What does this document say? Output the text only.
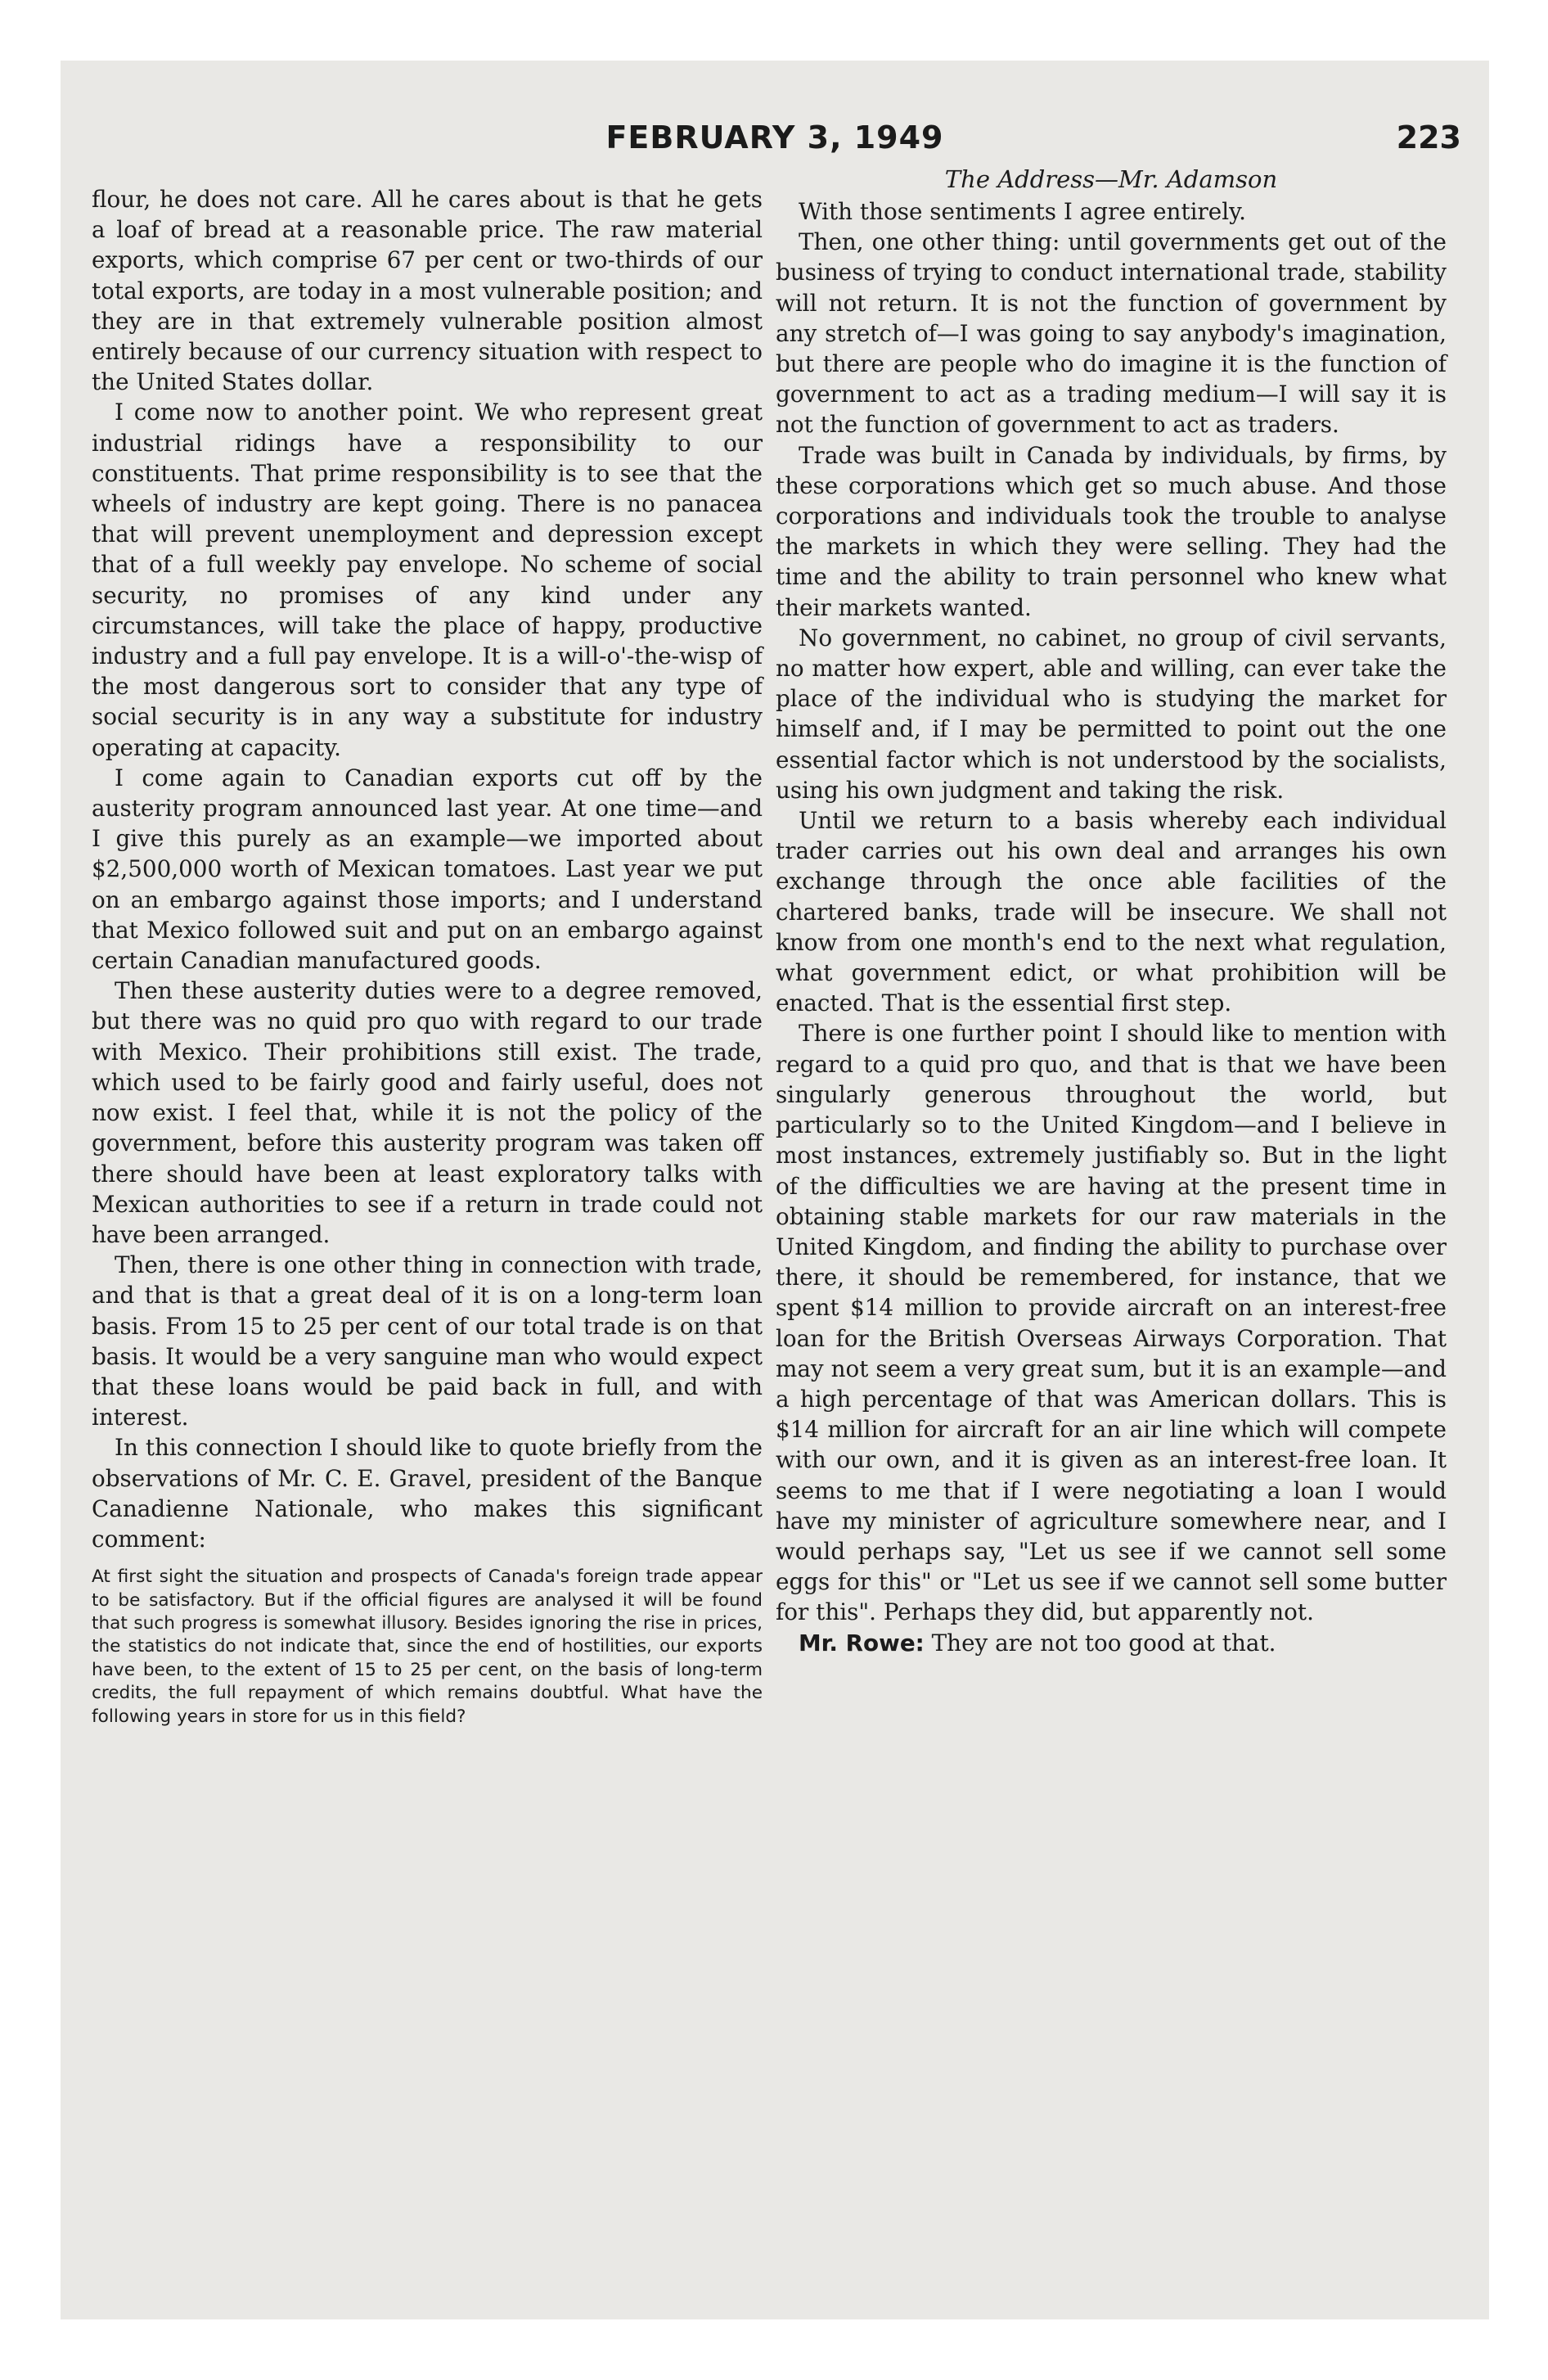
FEBRUARY 3, 1949	223

flour, he does not care. All he cares about is that he gets a loaf of bread at a reasonable price. The raw material exports, which comprise 67 per cent or two-thirds of our total exports, are today in a most vulnerable position; and they are in that extremely vulnerable position almost entirely because of our currency situation with respect to the United States dollar.

I come now to another point. We who represent great industrial ridings have a responsibility to our constituents. That prime responsibility is to see that the wheels of industry are kept going. There is no panacea that will prevent unemployment and depression except that of a full weekly pay envelope. No scheme of social security, no promises of any kind under any circumstances, will take the place of happy, productive industry and a full pay envelope. It is a will-o'-the-wisp of the most dangerous sort to consider that any type of social security is in any way a substitute for industry operating at capacity.

I come again to Canadian exports cut off by the austerity program announced last year. At one time—and I give this purely as an example—we imported about $2,500,000 worth of Mexican tomatoes. Last year we put on an embargo against those imports; and I understand that Mexico followed suit and put on an embargo against certain Canadian manufactured goods.

Then these austerity duties were to a degree removed, but there was no quid pro quo with regard to our trade with Mexico. Their prohibitions still exist. The trade, which used to be fairly good and fairly useful, does not now exist. I feel that, while it is not the policy of the government, before this austerity program was taken off there should have been at least exploratory talks with Mexican authorities to see if a return in trade could not have been arranged.

Then, there is one other thing in connection with trade, and that is that a great deal of it is on a long-term loan basis. From 15 to 25 per cent of our total trade is on that basis. It would be a very sanguine man who would expect that these loans would be paid back in full, and with interest.

In this connection I should like to quote briefly from the observations of Mr. C. E. Gravel, president of the Banque Canadienne Nationale, who makes this significant comment:

At first sight the situation and prospects of Canada's foreign trade appear to be satisfactory. But if the official figures are analysed it will be found that such progress is somewhat illusory. Besides ignoring the rise in prices, the statistics do not indicate that, since the end of hostilities, our exports have been, to the extent of 15 to 25 per cent, on the basis of long-term credits, the full repayment of which remains doubtful. What have the following years in store for us in this field?
The Address—Mr. Adamson

With those sentiments I agree entirely.

Then, one other thing: until governments get out of the business of trying to conduct international trade, stability will not return. It is not the function of government by any stretch of—I was going to say anybody's imagination, but there are people who do imagine it is the function of government to act as a trading medium—I will say it is not the function of government to act as traders.

Trade was built in Canada by individuals, by firms, by these corporations which get so much abuse. And those corporations and individuals took the trouble to analyse the markets in which they were selling. They had the time and the ability to train personnel who knew what their markets wanted.

No government, no cabinet, no group of civil servants, no matter how expert, able and willing, can ever take the place of the individual who is studying the market for himself and, if I may be permitted to point out the one essential factor which is not understood by the socialists, using his own judgment and taking the risk.

Until we return to a basis whereby each individual trader carries out his own deal and arranges his own exchange through the once able facilities of the chartered banks, trade will be insecure. We shall not know from one month's end to the next what regulation, what government edict, or what prohibition will be enacted. That is the essential first step.

There is one further point I should like to mention with regard to a quid pro quo, and that is that we have been singularly generous throughout the world, but particularly so to the United Kingdom—and I believe in most instances, extremely justifiably so. But in the light of the difficulties we are having at the present time in obtaining stable markets for our raw materials in the United Kingdom, and finding the ability to purchase over there, it should be remembered, for instance, that we spent $14 million to provide aircraft on an interest-free loan for the British Overseas Airways Corporation. That may not seem a very great sum, but it is an example—and a high percentage of that was American dollars. This is $14 million for aircraft for an air line which will compete with our own, and it is given as an interest-free loan. It seems to me that if I were negotiating a loan I would have my minister of agriculture somewhere near, and I would perhaps say, "Let us see if we cannot sell some eggs for this" or "Let us see if we cannot sell some butter for this". Perhaps they did, but apparently not.

Mr. Rowe: They are not too good at that.
